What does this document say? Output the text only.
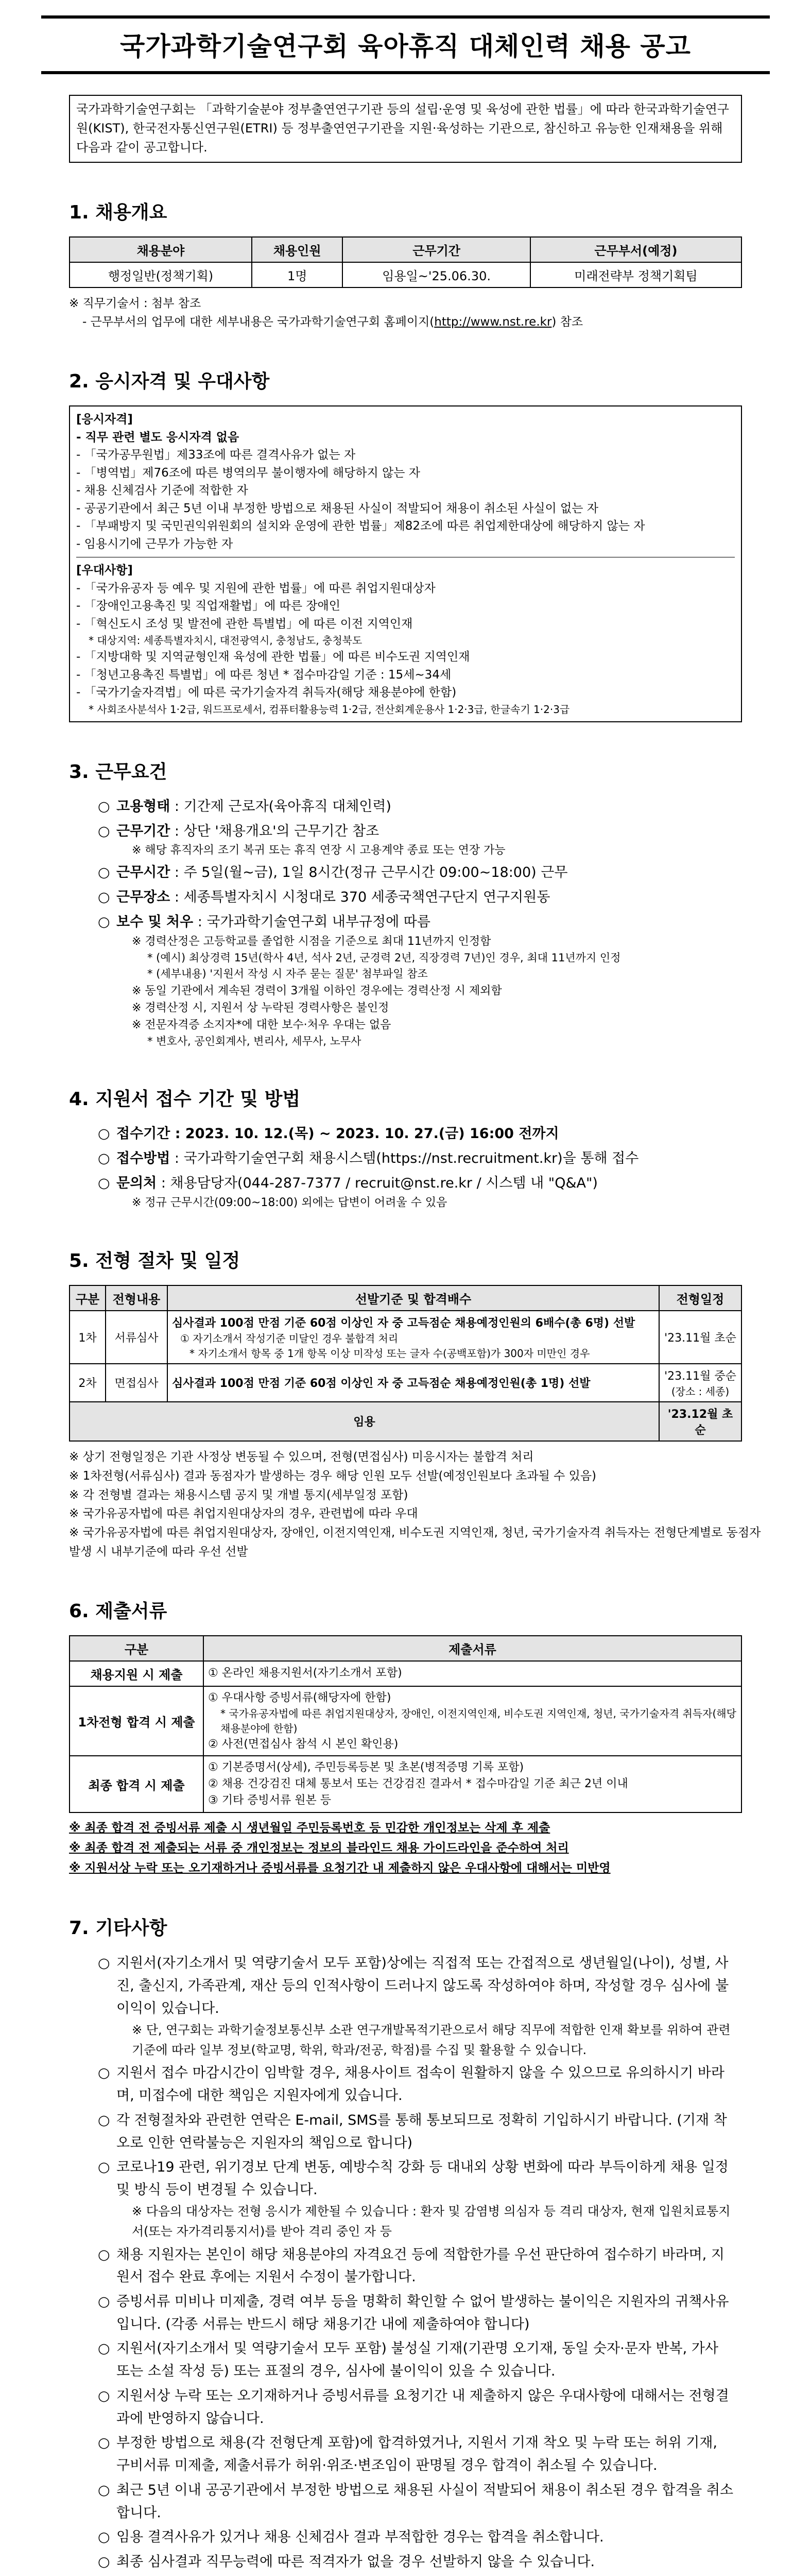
국가과학기술연구회 육아휴직 대체인력 채용 공고
국가과학기술연구회는 「과학기술분야 정부출연연구기관 등의 설립·운영 및 육성에 관한 법률」에 따라 한국과학기술연구원(KIST), 한국전자통신연구원(ETRI) 등 정부출연연구기관을 지원·육성하는 기관으로, 참신하고 유능한 인재채용을 위해 다음과 같이 공고합니다.
1. 채용개요
채용분야	채용인원	근무기간	근무부서(예정)
행정일반(정책기획)	1명	임용일~'25.06.30.	미래전략부 정책기획팀
※ 직무기술서 : 첨부 참조
- 근무부서의 업무에 대한 세부내용은 국가과학기술연구회 홈페이지(http://www.nst.re.kr) 참조
2. 응시자격 및 우대사항
[응시자격]
- 직무 관련 별도 응시자격 없음
- 「국가공무원법」제33조에 따른 결격사유가 없는 자
- 「병역법」제76조에 따른 병역의무 불이행자에 해당하지 않는 자
- 채용 신체검사 기준에 적합한 자
- 공공기관에서 최근 5년 이내 부정한 방법으로 채용된 사실이 적발되어 채용이 취소된 사실이 없는 자
- 「부패방지 및 국민권익위원회의 설치와 운영에 관한 법률」제82조에 따른 취업제한대상에 해당하지 않는 자
- 임용시기에 근무가 가능한 자
[우대사항]
- 「국가유공자 등 예우 및 지원에 관한 법률」에 따른 취업지원대상자
- 「장애인고용촉진 및 직업재활법」에 따른 장애인
- 「혁신도시 조성 및 발전에 관한 특별법」에 따른 이전 지역인재
* 대상지역: 세종특별자치시, 대전광역시, 충청남도, 충청북도
- 「지방대학 및 지역균형인재 육성에 관한 법률」에 따른 비수도권 지역인재
- 「청년고용촉진 특별법」에 따른 청년 * 접수마감일 기준 : 15세~34세
- 「국가기술자격법」에 따른 국가기술자격 취득자(해당 채용분야에 한함)
* 사회조사분석사 1·2급, 워드프로세서, 컴퓨터활용능력 1·2급, 전산회계운용사 1·2·3급, 한글속기 1·2·3급
3. 근무요건
○ 고용형태 : 기간제 근로자(육아휴직 대체인력)
○ 근무기간 : 상단 '채용개요'의 근무기간 참조
※ 해당 휴직자의 조기 복귀 또는 휴직 연장 시 고용계약 종료 또는 연장 가능
○ 근무시간 : 주 5일(월~금), 1일 8시간(정규 근무시간 09:00~18:00) 근무
○ 근무장소 : 세종특별자치시 시청대로 370 세종국책연구단지 연구지원동
○ 보수 및 처우 : 국가과학기술연구회 내부규정에 따름
※ 경력산정은 고등학교를 졸업한 시점을 기준으로 최대 11년까지 인정함
* (예시) 최상경력 15년(학사 4년, 석사 2년, 군경력 2년, 직장경력 7년)인 경우, 최대 11년까지 인정
* (세부내용) '지원서 작성 시 자주 묻는 질문' 첨부파일 참조
※ 동일 기관에서 계속된 경력이 3개월 이하인 경우에는 경력산정 시 제외함
※ 경력산정 시, 지원서 상 누락된 경력사항은 불인정
※ 전문자격증 소지자*에 대한 보수·처우 우대는 없음
* 변호사, 공인회계사, 변리사, 세무사, 노무사
4. 지원서 접수 기간 및 방법
○ 접수기간 : 2023. 10. 12.(목) ~ 2023. 10. 27.(금) 16:00 전까지
○ 접수방법 : 국가과학기술연구회 채용시스템(https://nst.recruitment.kr)을 통해 접수
○ 문의처 : 채용담당자(044-287-7377 / recruit@nst.re.kr / 시스템 내 "Q&A")
※ 정규 근무시간(09:00~18:00) 외에는 답변이 어려울 수 있음
5. 전형 절차 및 일정
구분	전형내용	선발기준 및 합격배수	전형일정
1차	서류심사	심사결과 100점 만점 기준 60점 이상인 자 중 고득점순 채용예정인원의 6배수(총 6명) 선발
① 자기소개서 작성기준 미달인 경우 불합격 처리
* 자기소개서 항목 중 1개 항목 이상 미작성 또는 글자 수(공백포함)가 300자 미만인 경우	'23.11월 초순
2차	면접심사	심사결과 100점 만점 기준 60점 이상인 자 중 고득점순 채용예정인원(총 1명) 선발	'23.11월 중순
(장소 : 세종)

임용			'23.12월 초순
※ 상기 전형일정은 기관 사정상 변동될 수 있으며, 전형(면접심사) 미응시자는 불합격 처리
※ 1차전형(서류심사) 결과 동점자가 발생하는 경우 해당 인원 모두 선발(예정인원보다 초과될 수 있음)
※ 각 전형별 결과는 채용시스템 공지 및 개별 통지(세부일정 포함)
※ 국가유공자법에 따른 취업지원대상자의 경우, 관련법에 따라 우대
※ 국가유공자법에 따른 취업지원대상자, 장애인, 이전지역인재, 비수도권 지역인재, 청년, 국가기술자격 취득자는 전형단계별로 동점자 발생 시 내부기준에 따라 우선 선발
6. 제출서류
구분	제출서류
채용지원 시 제출	① 온라인 채용지원서(자기소개서 포함)
1차전형 합격 시 제출	① 우대사항 증빙서류(해당자에 한함)
* 국가유공자법에 따른 취업지원대상자, 장애인, 이전지역인재, 비수도권 지역인재, 청년, 국가기술자격 취득자(해당 채용분야에 한함)
② 사전(면접심사 참석 시 본인 확인용)

최종 합격 시 제출	① 기본증명서(상세), 주민등록등본 및 초본(병적증명 기록 포함)
② 채용 건강검진 대체 통보서 또는 건강검진 결과서 * 접수마감일 기준 최근 2년 이내
③ 기타 증빙서류 원본 등
※ 최종 합격 전 증빙서류 제출 시 생년월일 주민등록번호 등 민감한 개인정보는 삭제 후 제출
※ 최종 합격 전 제출되는 서류 중 개인정보는 정보의 블라인드 채용 가이드라인을 준수하여 처리
※ 지원서상 누락 또는 오기재하거나 증빙서류를 요청기간 내 제출하지 않은 우대사항에 대해서는 미반영
7. 기타사항
○ 지원서(자기소개서 및 역량기술서 모두 포함)상에는 직접적 또는 간접적으로 생년월일(나이), 성별, 사진, 출신지, 가족관계, 재산 등의 인적사항이 드러나지 않도록 작성하여야 하며, 작성할 경우 심사에 불이익이 있습니다.
※ 단, 연구회는 과학기술정보통신부 소관 연구개발목적기관으로서 해당 직무에 적합한 인재 확보를 위하여 관련 기준에 따라 일부 정보(학교명, 학위, 학과/전공, 학점)를 수집 및 활용할 수 있습니다.
○ 지원서 접수 마감시간이 임박할 경우, 채용사이트 접속이 원활하지 않을 수 있으므로 유의하시기 바라며, 미접수에 대한 책임은 지원자에게 있습니다.
○ 각 전형절차와 관련한 연락은 E-mail, SMS를 통해 통보되므로 정확히 기입하시기 바랍니다. (기재 착오로 인한 연락불능은 지원자의 책임으로 합니다)
○ 코로나19 관련, 위기경보 단계 변동, 예방수칙 강화 등 대내외 상황 변화에 따라 부득이하게 채용 일정 및 방식 등이 변경될 수 있습니다.
※ 다음의 대상자는 전형 응시가 제한될 수 있습니다 : 환자 및 감염병 의심자 등 격리 대상자, 현재 입원치료통지서(또는 자가격리통지서)를 받아 격리 중인 자 등
○ 채용 지원자는 본인이 해당 채용분야의 자격요건 등에 적합한가를 우선 판단하여 접수하기 바라며, 지원서 접수 완료 후에는 지원서 수정이 불가합니다.
○ 증빙서류 미비나 미제출, 경력 여부 등을 명확히 확인할 수 없어 발생하는 불이익은 지원자의 귀책사유입니다. (각종 서류는 반드시 해당 채용기간 내에 제출하여야 합니다)
○ 지원서(자기소개서 및 역량기술서 모두 포함) 불성실 기재(기관명 오기재, 동일 숫자·문자 반복, 가사 또는 소설 작성 등) 또는 표절의 경우, 심사에 불이익이 있을 수 있습니다.
○ 지원서상 누락 또는 오기재하거나 증빙서류를 요청기간 내 제출하지 않은 우대사항에 대해서는 전형결과에 반영하지 않습니다.
○ 부정한 방법으로 채용(각 전형단계 포함)에 합격하였거나, 지원서 기재 착오 및 누락 또는 허위 기재, 구비서류 미제출, 제출서류가 허위·위조·변조임이 판명될 경우 합격이 취소될 수 있습니다.
○ 최근 5년 이내 공공기관에서 부정한 방법으로 채용된 사실이 적발되어 채용이 취소된 경우 합격을 취소합니다.
○ 임용 결격사유가 있거나 채용 신체검사 결과 부적합한 경우는 합격을 취소합니다.
○ 최종 심사결과 직무능력에 따른 적격자가 없을 경우 선발하지 않을 수 있습니다.
○
